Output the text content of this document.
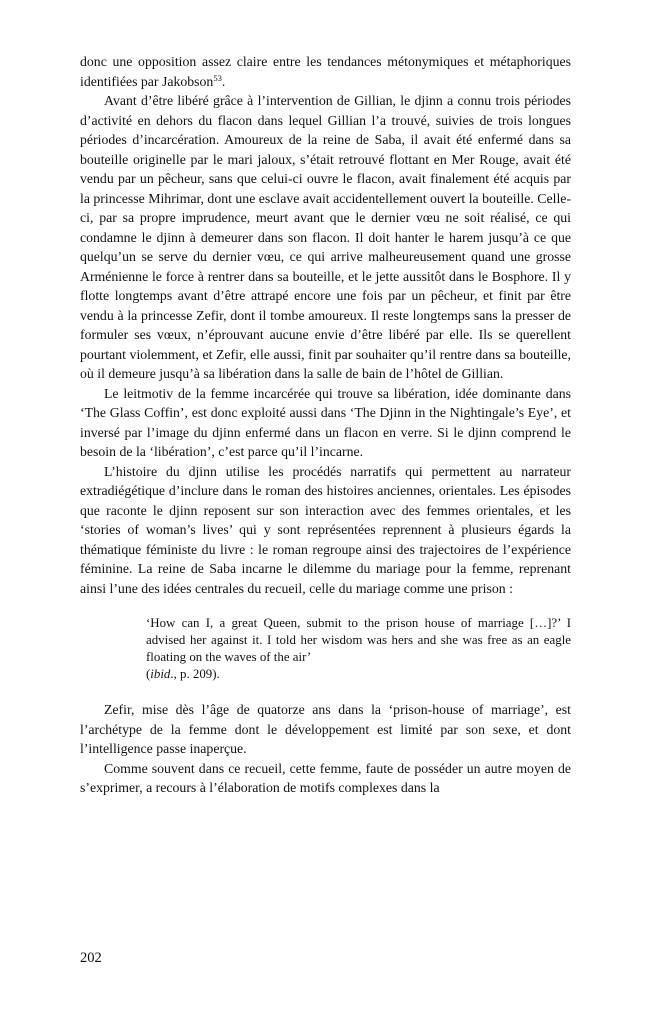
donc une opposition assez claire entre les tendances métonymiques et métaphoriques identifiées par Jakobson$^{53}$.

Avant d’être libéré grâce à l’intervention de Gillian, le djinn a connu trois périodes d’activité en dehors du flacon dans lequel Gillian l’a trouvé, suivies de trois longues périodes d’incarcération. Amoureux de la reine de Saba, il avait été enfermé dans sa bouteille originelle par le mari jaloux, s’était retrouvé flottant en Mer Rouge, avait été vendu par un pêcheur, sans que celui-ci ouvre le flacon, avait finalement été acquis par la princesse Mihrimar, dont une esclave avait accidentellement ouvert la bouteille. Celle-ci, par sa propre imprudence, meurt avant que le dernier vœu ne soit réalisé, ce qui condamne le djinn à demeurer dans son flacon. Il doit hanter le harem jusqu’à ce que quelqu’un se serve du dernier vœu, ce qui arrive malheureusement quand une grosse Arménienne le force à rentrer dans sa bouteille, et le jette aussitôt dans le Bosphore. Il y flotte longtemps avant d’être attrapé encore une fois par un pêcheur, et finit par être vendu à la princesse Zefir, dont il tombe amoureux. Il reste longtemps sans la presser de formuler ses vœux, n’éprouvant aucune envie d’être libéré par elle. Ils se querellent pourtant violemment, et Zefir, elle aussi, finit par souhaiter qu’il rentre dans sa bouteille, où il demeure jusqu’à sa libération dans la salle de bain de l’hôtel de Gillian.

Le leitmotiv de la femme incarcérée qui trouve sa libération, idée dominante dans ‘The Glass Coffin’, est donc exploité aussi dans ‘The Djinn in the Nightingale’s Eye’, et inversé par l’image du djinn enfermé dans un flacon en verre. Si le djinn comprend le besoin de la ‘libération’, c’est parce qu’il l’incarne.

L’histoire du djinn utilise les procédés narratifs qui permettent au narrateur extradiégétique d’inclure dans le roman des histoires anciennes, orientales. Les épisodes que raconte le djinn reposent sur son interaction avec des femmes orientales, et les ‘stories of woman’s lives’ qui y sont représentées reprennent à plusieurs égards la thématique féministe du livre : le roman regroupe ainsi des trajectoires de l’expérience féminine. La reine de Saba incarne le dilemme du mariage pour la femme, reprenant ainsi l’une des idées centrales du recueil, celle du mariage comme une prison :

‘How can I, a great Queen, submit to the prison house of marriage […]?’ I advised her against it. I told her wisdom was hers and she was free as an eagle floating on the waves of the air’
(ibid., p. 209).

Zefir, mise dès l’âge de quatorze ans dans la ‘prison-house of marriage’, est l’archétype de la femme dont le développement est limité par son sexe, et dont l’intelligence passe inaperçue.

Comme souvent dans ce recueil, cette femme, faute de posséder un autre moyen de s’exprimer, a recours à l’élaboration de motifs complexes dans la

202
